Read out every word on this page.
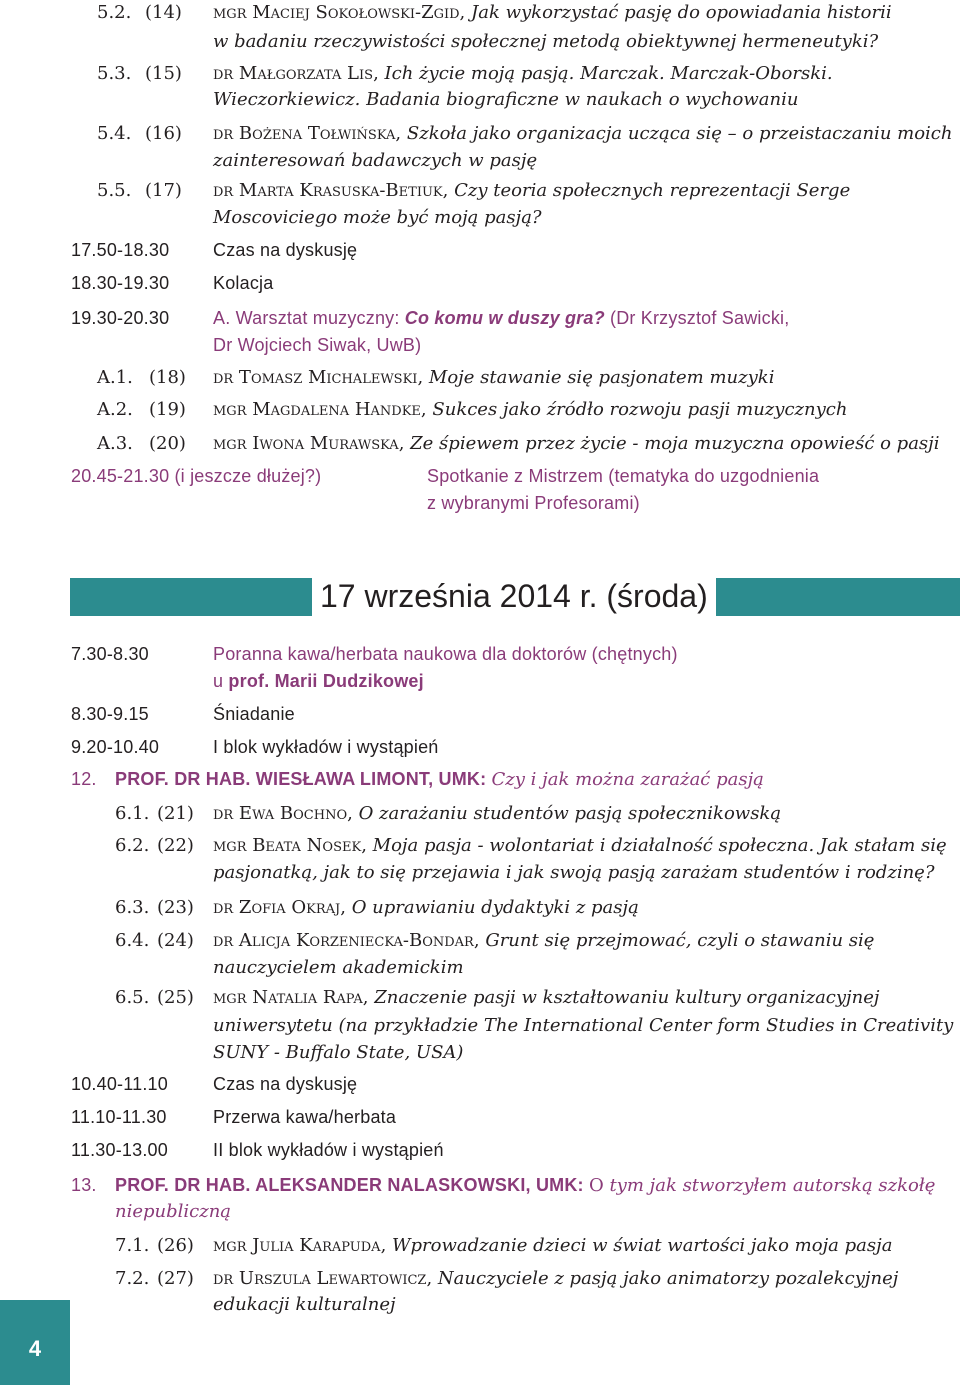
5.2. (14) mgr Maciej Sokołowski-Zgid, Jak wykorzystać pasję do opowiadania historii
w badaniu rzeczywistości społecznej metodą obiektywnej hermeneutyki?
5.3. (15) dr Małgorzata Lis, Ich życie moją pasją. Marczak. Marczak-Oborski.
Wieczorkiewicz. Badania biograficzne w naukach o wychowaniu
5.4. (16) dr Bożena Tołwińska, Szkoła jako organizacja ucząca się – o przeistaczaniu moich
zainteresowań badawczych w pasję
5.5. (17) dr Marta Krasuska-Betiuk, Czy teoria społecznych reprezentacji Serge
Moscoviciego może być moją pasją?
17.50-18.30 Czas na dyskusję
18.30-19.30 Kolacja
19.30-20.30 A. Warsztat muzyczny: Co komu w duszy gra? (Dr Krzysztof Sawicki,
Dr Wojciech Siwak, UwB)
A.1. (18) dr Tomasz Michalewski, Moje stawanie się pasjonatem muzyki
A.2. (19) mgr Magdalena Handke, Sukces jako źródło rozwoju pasji muzycznych
A.3. (20) mgr Iwona Murawska, Ze śpiewem przez życie - moja muzyczna opowieść o pasji
20.45-21.30 (i jeszcze dłużej?)	Spotkanie z Mistrzem (tematyka do uzgodnienia
z wybranymi Profesorami)
17 września 2014 r. (środa)
7.30-8.30	Poranna kawa/herbata naukowa dla doktorów (chętnych)
u prof. Marii Dudzikowej
8.30-9.15	Śniadanie
9.20-10.40	I blok wykładów i wystąpień
12. PROF. DR HAB. WIESŁAWA LIMONT, UMK: Czy i jak można zarażać pasją
6.1. (21) dr Ewa Bochno, O zarażaniu studentów pasją społecznikowską
6.2. (22) mgr Beata Nosek, Moja pasja - wolontariat i działalność społeczna. Jak stałam się
pasjonatką, jak to się przejawia i jak swoją pasją zarażam studentów i rodzinę?
6.3. (23) dr Zofia Okraj, O uprawianiu dydaktyki z pasją
6.4. (24) dr Alicja Korzeniecka-Bondar, Grunt się przejmować, czyli o stawaniu się
nauczycielem akademickim
6.5. (25) mgr Natalia Rapa, Znaczenie pasji w kształtowaniu kultury organizacyjnej
uniwersytetu (na przykładzie The International Center form Studies in Creativity
SUNY - Buffalo State, USA)
10.40-11.10	Czas na dyskusję
11.10-11.30	Przerwa kawa/herbata
11.30-13.00	II blok wykładów i wystąpień
13. PROF. DR HAB. ALEKSANDER NALASKOWSKI, UMK: O tym jak stworzyłem autorską szkołę
niepubliczną
7.1. (26) mgr Julia Karapuda, Wprowadzanie dzieci w świat wartości jako moja pasja
7.2. (27) dr Urszula Lewartowicz, Nauczyciele z pasją jako animatorzy pozalekcyjnej
edukacji kulturalnej
4
